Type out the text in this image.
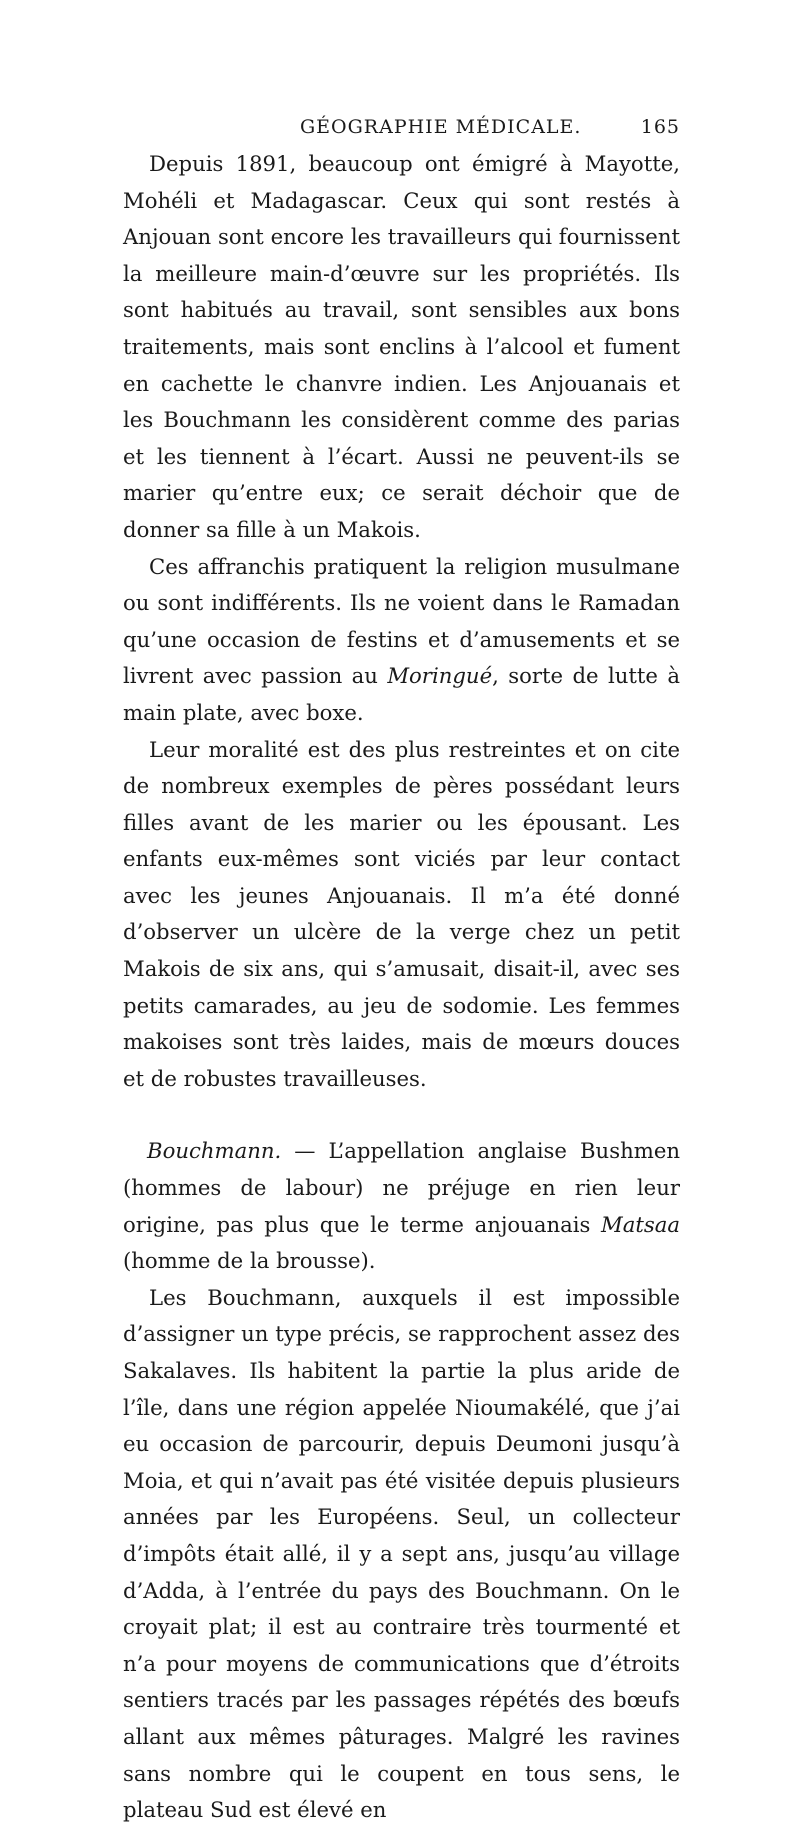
GÉOGRAPHIE MÉDICALE.	165

Depuis 1891, beaucoup ont émigré à Mayotte, Mohéli et Madagascar. Ceux qui sont restés à Anjouan sont encore les travailleurs qui fournissent la meilleure main-d’œuvre sur les propriétés. Ils sont habitués au travail, sont sensibles aux bons traitements, mais sont enclins à l’alcool et fument en cachette le chanvre indien. Les Anjouanais et les Bouchmann les considèrent comme des parias et les tiennent à l’écart. Aussi ne peuvent-ils se marier qu’entre eux; ce serait déchoir que de donner sa fille à un Makois.

Ces affranchis pratiquent la religion musulmane ou sont indifférents. Ils ne voient dans le Ramadan qu’une occasion de festins et d’amusements et se livrent avec passion au Moringué, sorte de lutte à main plate, avec boxe.

Leur moralité est des plus restreintes et on cite de nombreux exemples de pères possédant leurs filles avant de les marier ou les épousant. Les enfants eux-mêmes sont viciés par leur contact avec les jeunes Anjouanais. Il m’a été donné d’observer un ulcère de la verge chez un petit Makois de six ans, qui s’amusait, disait-il, avec ses petits camarades, au jeu de sodomie. Les femmes makoises sont très laides, mais de mœurs douces et de robustes travailleuses.

Bouchmann. — L’appellation anglaise Bushmen (hommes de labour) ne préjuge en rien leur origine, pas plus que le terme anjouanais Matsaa (homme de la brousse).

Les Bouchmann, auxquels il est impossible d’assigner un type précis, se rapprochent assez des Sakalaves. Ils habitent la partie la plus aride de l’île, dans une région appelée Nioumakélé, que j’ai eu occasion de parcourir, depuis Deumoni jusqu’à Moia, et qui n’avait pas été visitée depuis plusieurs années par les Européens. Seul, un collecteur d’impôts était allé, il y a sept ans, jusqu’au village d’Adda, à l’entrée du pays des Bouchmann. On le croyait plat; il est au contraire très tourmenté et n’a pour moyens de communications que d’étroits sentiers tracés par les passages répétés des bœufs allant aux mêmes pâturages. Malgré les ravines sans nombre qui le coupent en tous sens, le plateau Sud est élevé en
